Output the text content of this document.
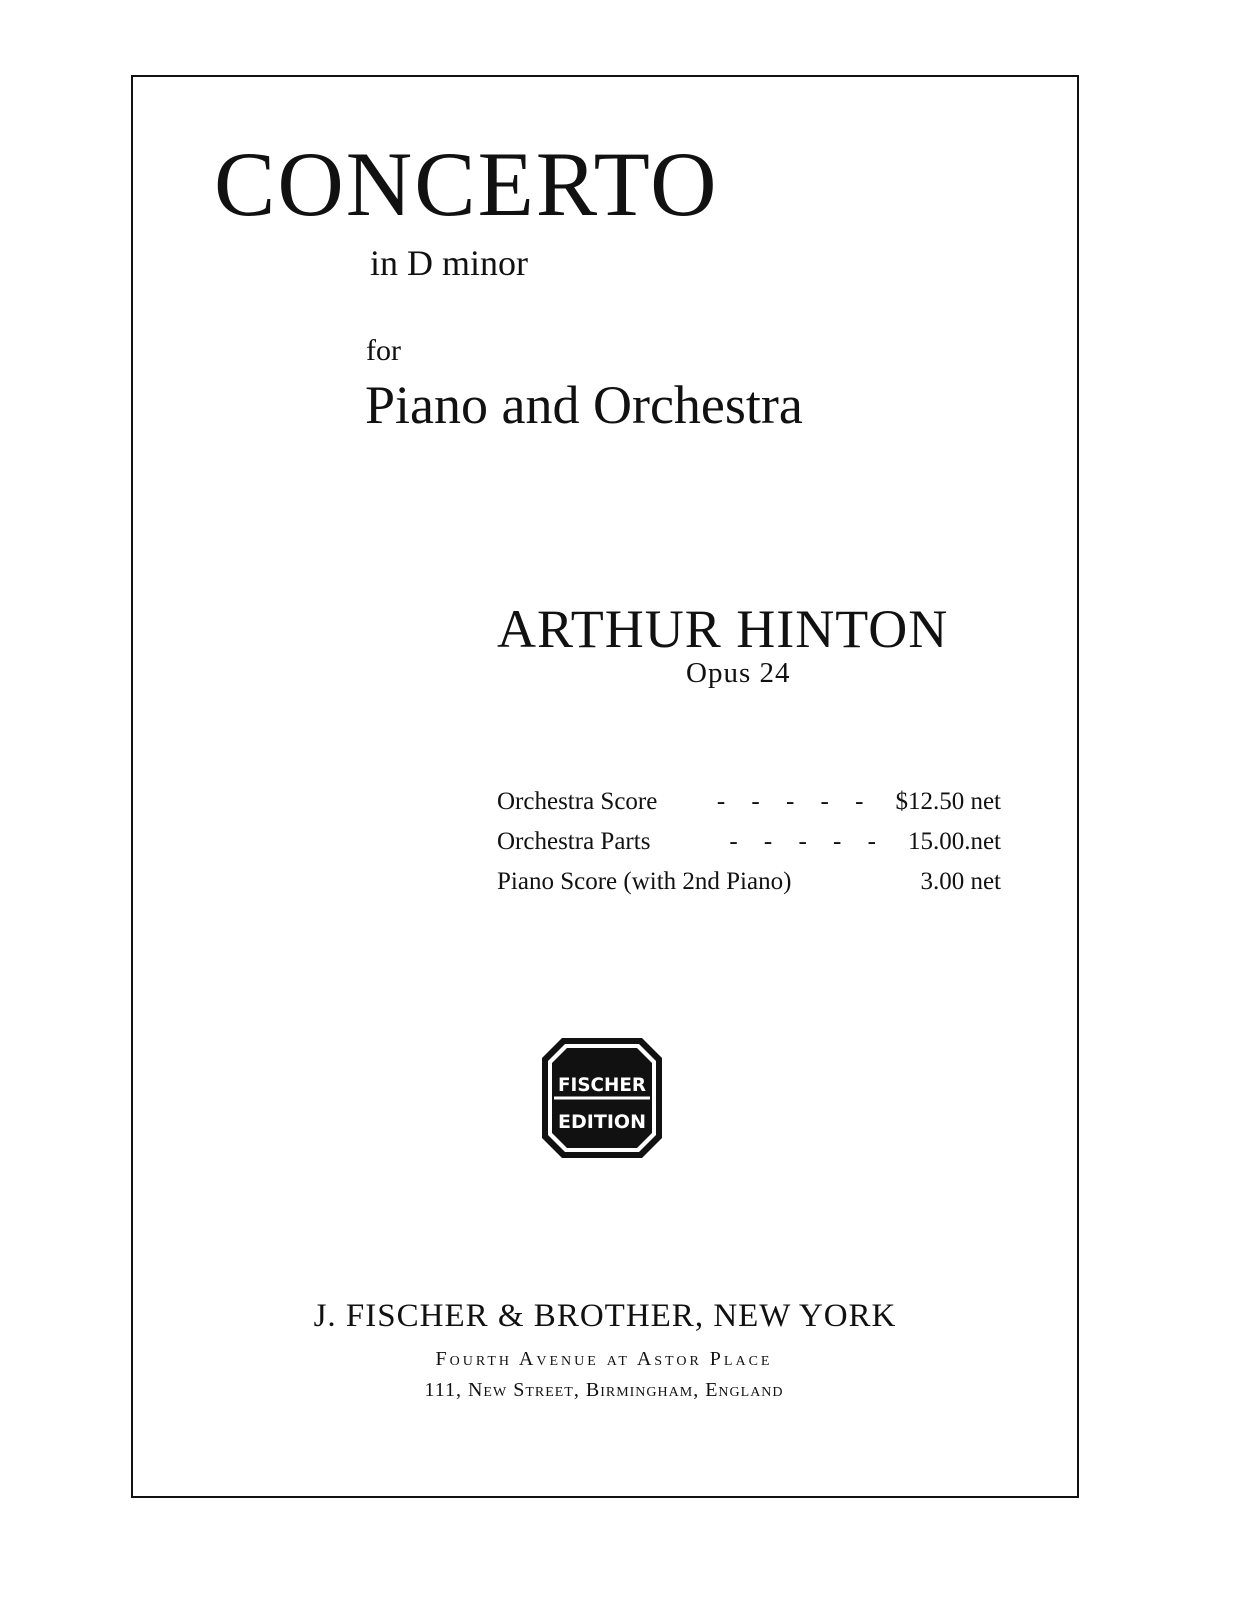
CONCERTO
in D minor
for
Piano and Orchestra
ARTHUR HINTON
Opus 24
Orchestra Score	- - - - - $12.50 net
Orchestra Parts	- - - - - 15.00.net
Piano Score (with 2nd Piano)	3.00 net
FISCHER
EDITION
J. FISCHER & BROTHER, NEW YORK
Fourth Avenue at Astor Place
111, New Street, Birmingham, England
